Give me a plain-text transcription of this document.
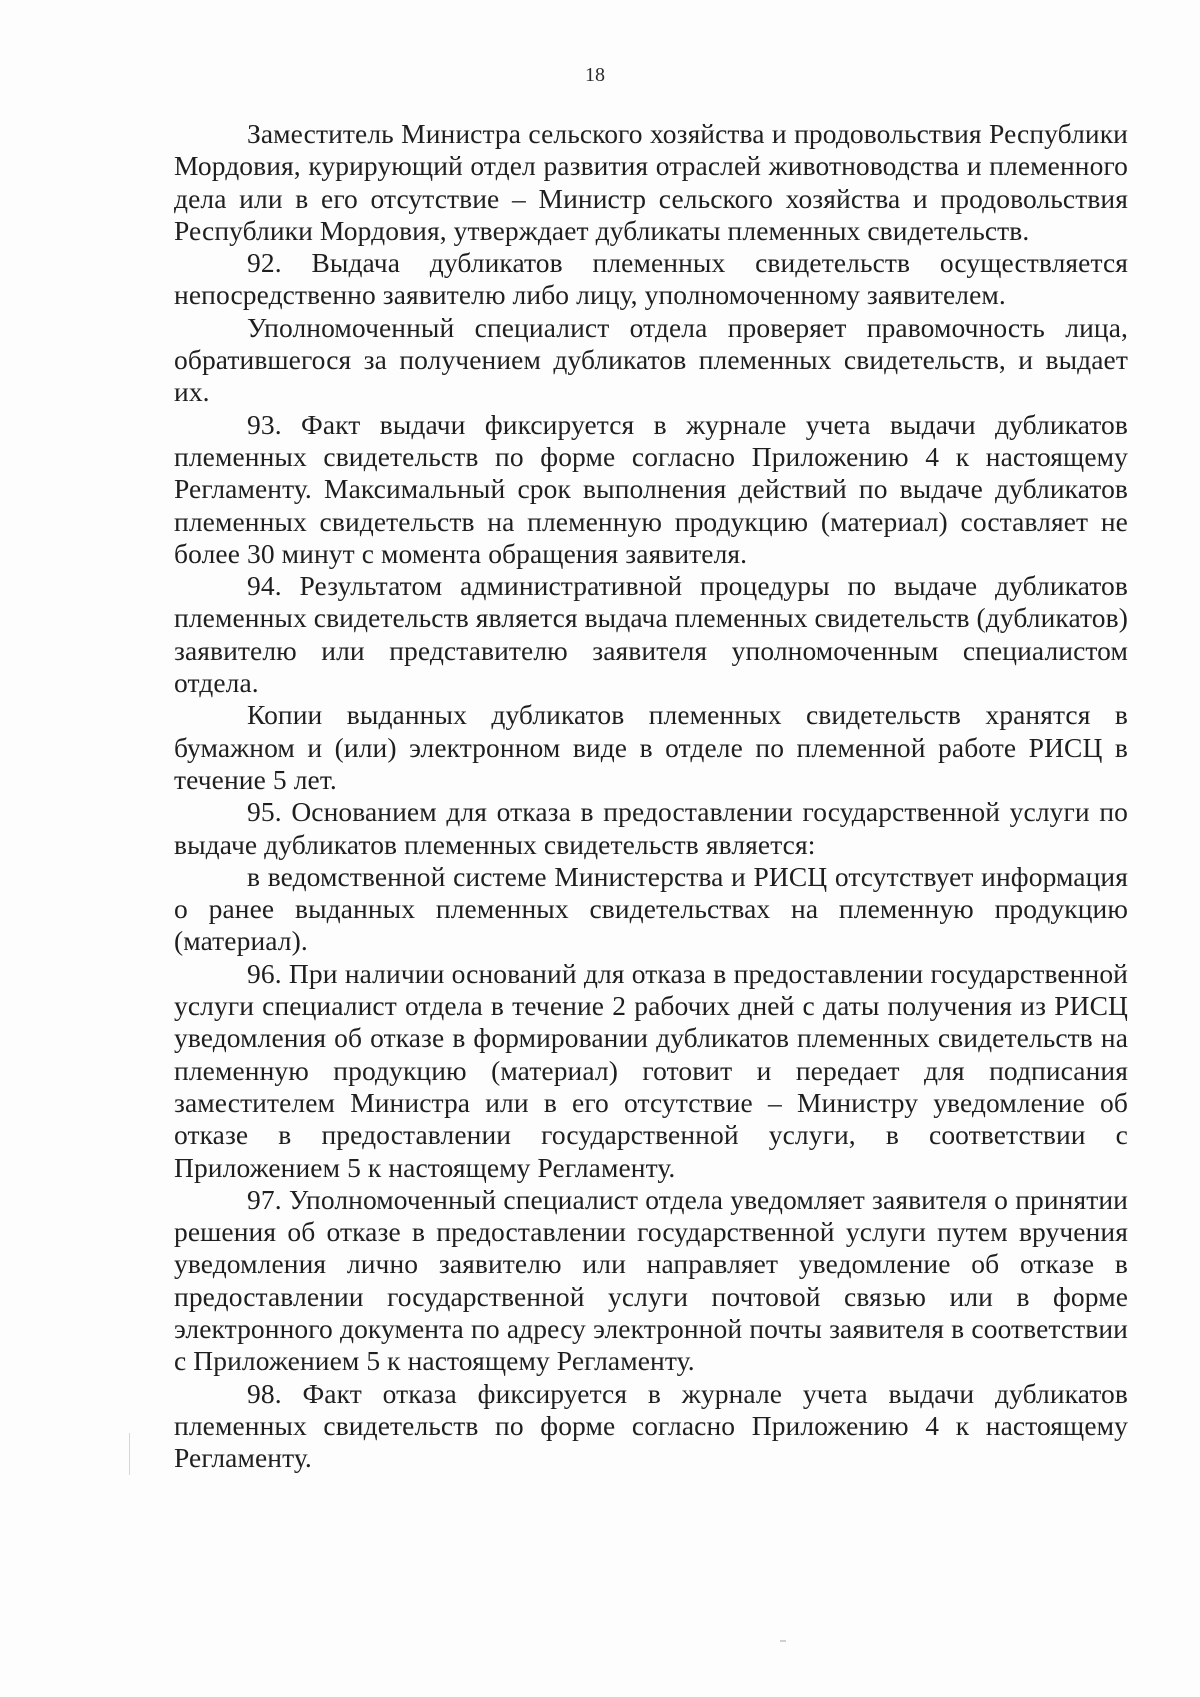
18

Заместитель Министра сельского хозяйства и продовольствия Республики Мордовия, курирующий отдел развития отраслей животноводства и племенного дела или в его отсутствие – Министр сельского хозяйства и продовольствия Республики Мордовия, утверждает дубликаты племенных свидетельств.

92. Выдача дубликатов племенных свидетельств осуществляется непосредственно заявителю либо лицу, уполномоченному заявителем.

Уполномоченный специалист отдела проверяет правомочность лица, обратившегося за получением дубликатов племенных свидетельств, и выдает их.

93. Факт выдачи фиксируется в журнале учета выдачи дубликатов племенных свидетельств по форме согласно Приложению 4 к настоящему Регламенту. Максимальный срок выполнения действий по выдаче дубликатов племенных свидетельств на племенную продукцию (материал) составляет не более 30 минут с момента обращения заявителя.

94. Результатом административной процедуры по выдаче дубликатов племенных свидетельств является выдача племенных свидетельств (дубликатов) заявителю или представителю заявителя уполномоченным специалистом отдела.

Копии выданных дубликатов племенных свидетельств хранятся в бумажном и (или) электронном виде в отделе по племенной работе РИСЦ в течение 5 лет.

95. Основанием для отказа в предоставлении государственной услуги по выдаче дубликатов племенных свидетельств является:

в ведомственной системе Министерства и РИСЦ отсутствует информация о ранее выданных племенных свидетельствах на племенную продукцию (материал).

96. При наличии оснований для отказа в предоставлении государственной услуги специалист отдела в течение 2 рабочих дней с даты получения из РИСЦ уведомления об отказе в формировании дубликатов племенных свидетельств на племенную продукцию (материал) готовит и передает для подписания заместителем Министра или в его отсутствие – Министру уведомление об отказе в предоставлении государственной услуги, в соответствии с Приложением 5 к настоящему Регламенту.

97. Уполномоченный специалист отдела уведомляет заявителя о принятии решения об отказе в предоставлении государственной услуги путем вручения уведомления лично заявителю или направляет уведомление об отказе в предоставлении государственной услуги почтовой связью или в форме электронного документа по адресу электронной почты заявителя в соответствии с Приложением 5 к настоящему Регламенту.

98. Факт отказа фиксируется в журнале учета выдачи дубликатов племенных свидетельств по форме согласно Приложению 4 к настоящему Регламенту.
